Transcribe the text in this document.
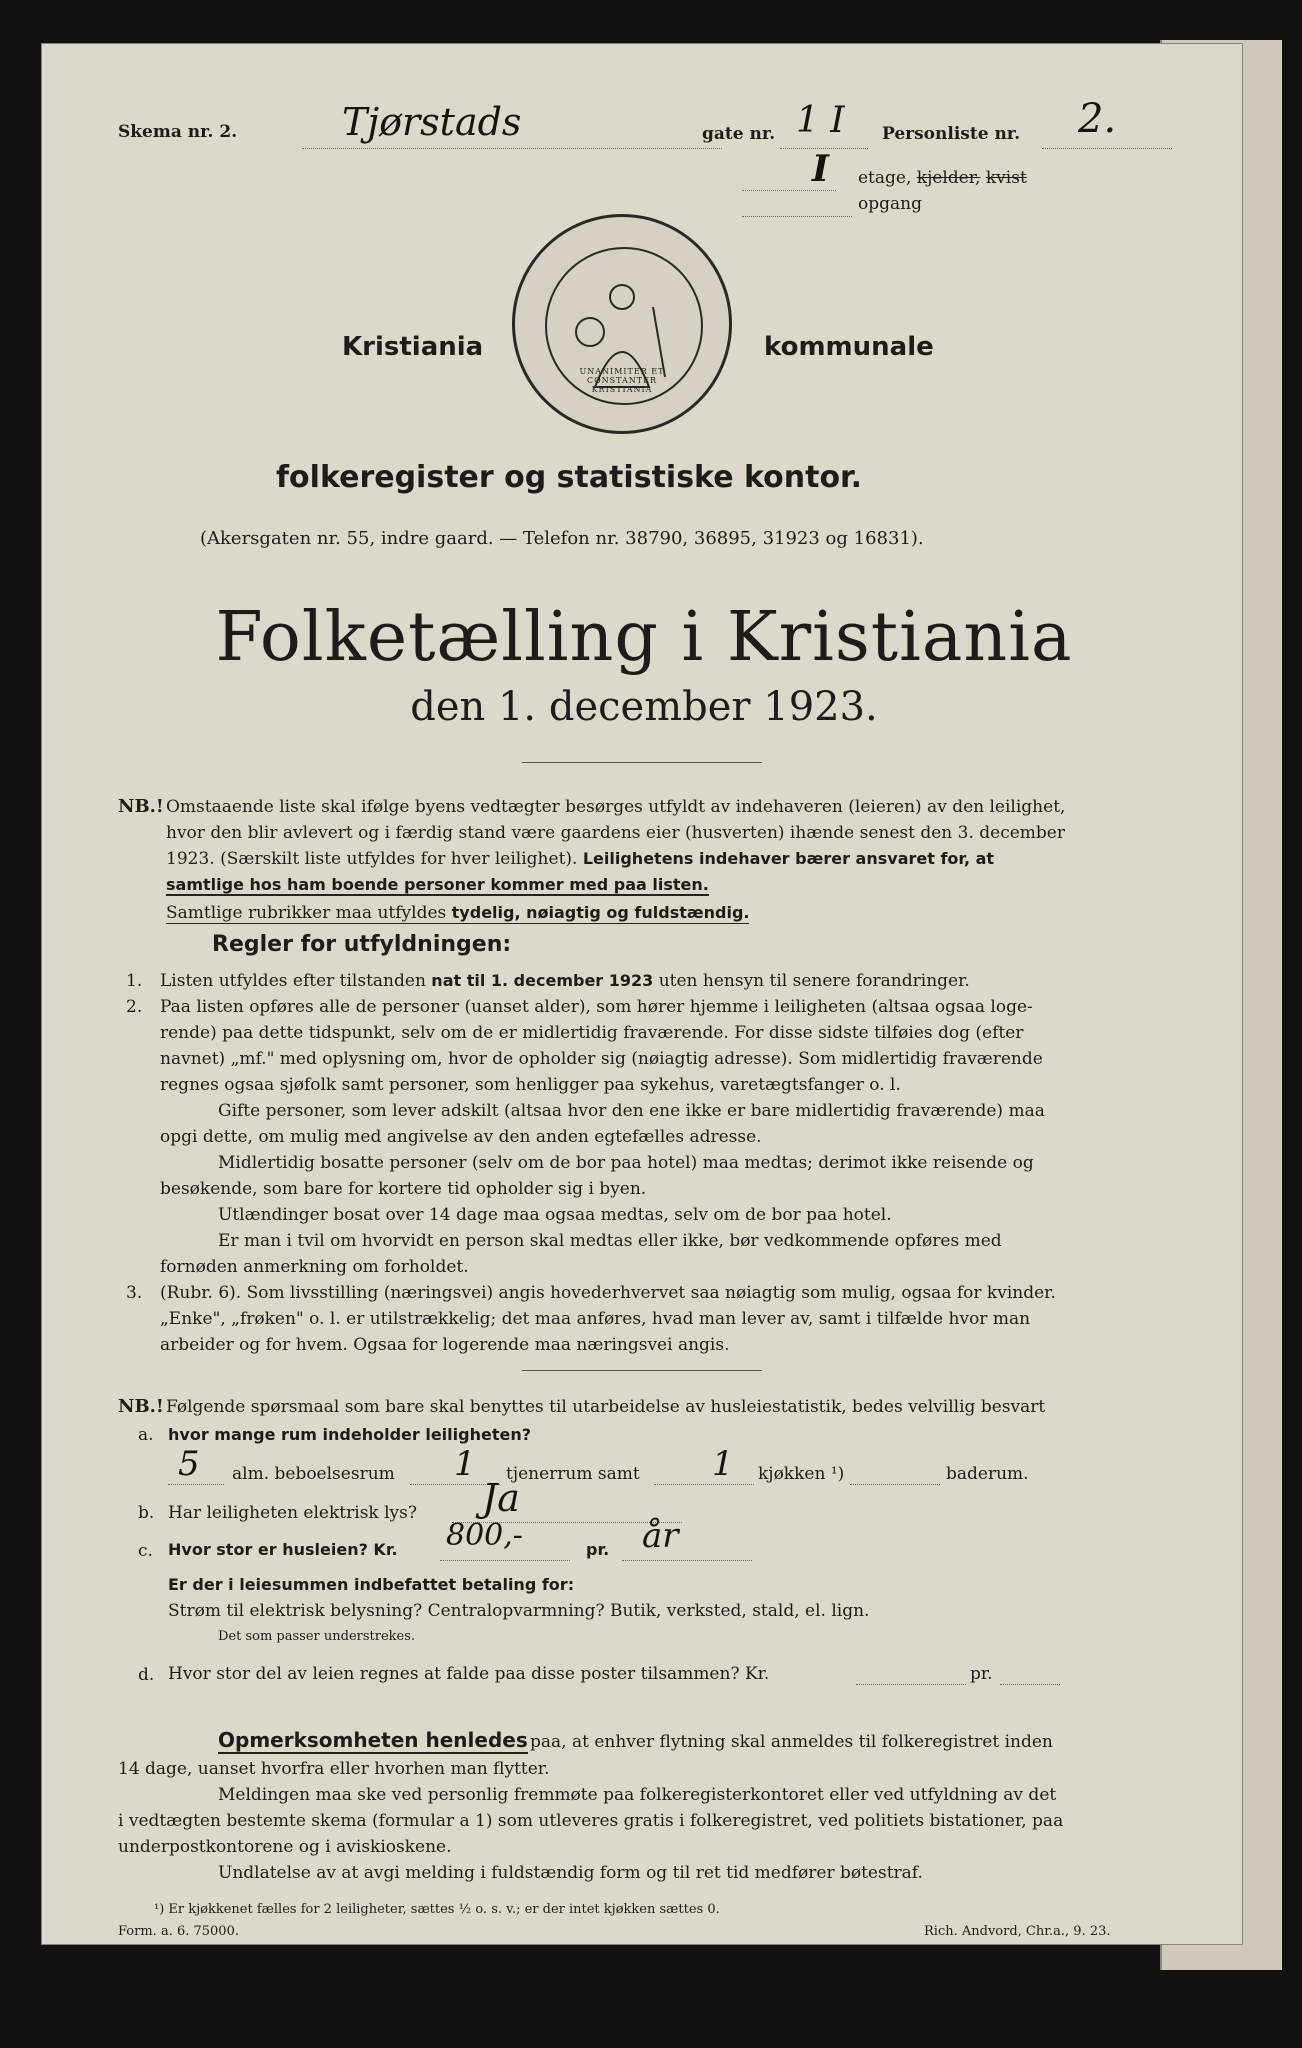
Skema nr. 2.	Tjørstads	gate nr. 1 I Personliste nr. 2.
I etage, kjelder, kvist
opgang
UNANIMITER ET CONSTANTER KRISTIANIA
Kristiania	kommunale
folkeregister og statistiske kontor.
(Akersgaten nr. 55, indre gaard. — Telefon nr. 38790, 36895, 31923 og 16831).
Folketælling i Kristiania
den 1. december 1923.
NB.! Omstaaende liste skal ifølge byens vedtægter besørges utfyldt av indehaveren (leieren) av den leilighet,
hvor den blir avlevert og i færdig stand være gaardens eier (husverten) ihænde senest den 3. december
1923. (Særskilt liste utfyldes for hver leilighet). Leilighetens indehaver bærer ansvaret for, at
samtlige hos ham boende personer kommer med paa listen.
Samtlige rubrikker maa utfyldes tydelig, nøiagtig og fuldstændig.
Regler for utfyldningen:
1. Listen utfyldes efter tilstanden nat til 1. december 1923 uten hensyn til senere forandringer.
2. Paa listen opføres alle de personer (uanset alder), som hører hjemme i leiligheten (altsaa ogsaa loge-
rende) paa dette tidspunkt, selv om de er midlertidig fraværende. For disse sidste tilføies dog (efter
navnet) „mf." med oplysning om, hvor de opholder sig (nøiagtig adresse). Som midlertidig fraværende
regnes ogsaa sjøfolk samt personer, som henligger paa sykehus, varetægtsfanger o. l.
Gifte personer, som lever adskilt (altsaa hvor den ene ikke er bare midlertidig fraværende) maa
opgi dette, om mulig med angivelse av den anden egtefælles adresse.
Midlertidig bosatte personer (selv om de bor paa hotel) maa medtas; derimot ikke reisende og
besøkende, som bare for kortere tid opholder sig i byen.
Utlændinger bosat over 14 dage maa ogsaa medtas, selv om de bor paa hotel.
Er man i tvil om hvorvidt en person skal medtas eller ikke, bør vedkommende opføres med
fornøden anmerkning om forholdet.
3. (Rubr. 6). Som livsstilling (næringsvei) angis hovederhvervet saa nøiagtig som mulig, ogsaa for kvinder.
„Enke", „frøken" o. l. er utilstrækkelig; det maa anføres, hvad man lever av, samt i tilfælde hvor man
arbeider og for hvem. Ogsaa for logerende maa næringsvei angis.
NB.! Følgende spørsmaal som bare skal benyttes til utarbeidelse av husleiestatistik, bedes velvillig besvart
a. hvor mange rum indeholder leiligheten?
5 alm. beboelsesrum 1 tjenerrum samt 1 kjøkken ¹)	baderum.
b. Har leiligheten elektrisk lys?	Ja
c. Hvor stor er husleien? Kr. 800,-	pr. år
Er der i leiesummen indbefattet betaling for:
Strøm til elektrisk belysning? Centralopvarmning? Butik, verksted, stald, el. lign.
Det som passer understrekes.
d. Hvor stor del av leien regnes at falde paa disse poster tilsammen? Kr.	pr.
Opmerksomheten henledes paa, at enhver flytning skal anmeldes til folkeregistret inden
14 dage, uanset hvorfra eller hvorhen man flytter.
Meldingen maa ske ved personlig fremmøte paa folkeregisterkontoret eller ved utfyldning av det
i vedtægten bestemte skema (formular a 1) som utleveres gratis i folkeregistret, ved politiets bistationer, paa
underpostkontorene og i aviskioskene.
Undlatelse av at avgi melding i fuldstændig form og til ret tid medfører bøtestraf.
¹) Er kjøkkenet fælles for 2 leiligheter, sættes ½ o. s. v.; er der intet kjøkken sættes 0.
Form. a. 6. 75000.	Rich. Andvord, Chr.a., 9. 23.
